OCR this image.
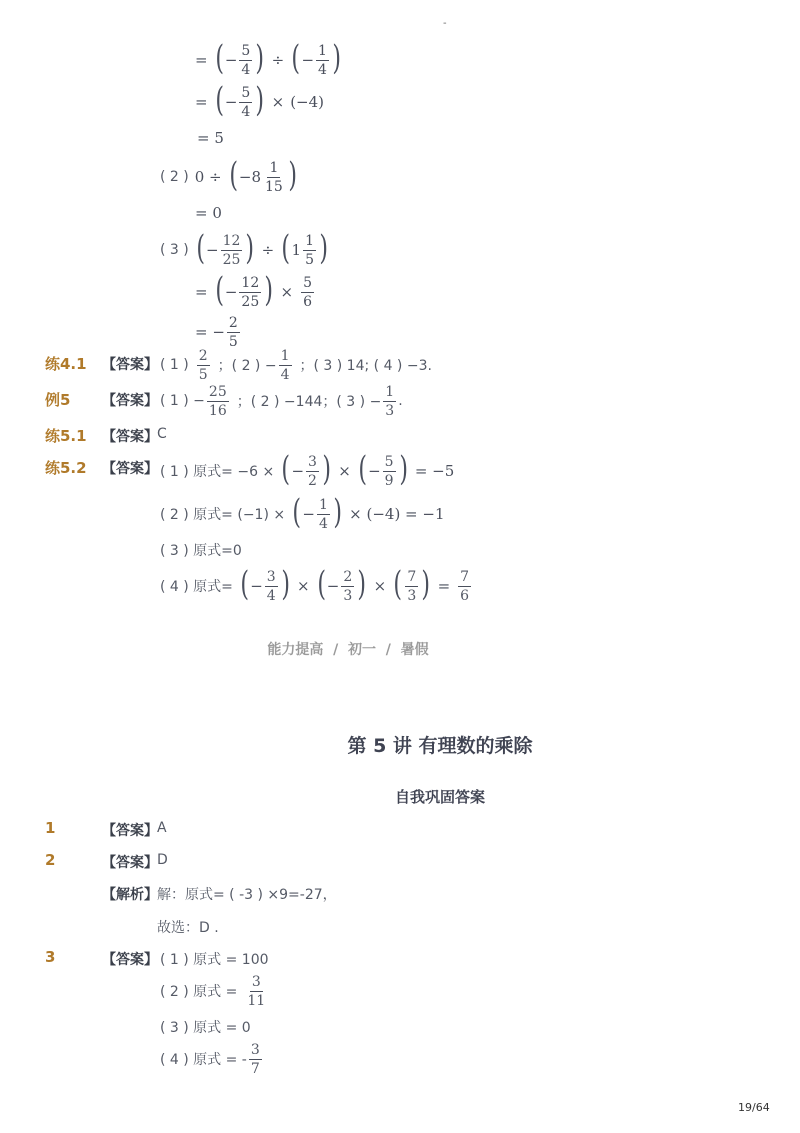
-
= ( − $\frac{5}{4}$ ) ÷ ( − $\frac{1}{4}$ )
= ( − $\frac{5}{4}$ ) × (−4)
= 5
( 2 ) 0 ÷ ( $-8 \frac{1}{15}$ )
= 0
( 3 ) ( − $\frac{12}{25}$ ) ÷ ( $1 \frac{1}{5}$ )
= ( − $\frac{12}{25}$ ) × $\frac{5}{6}$
= − $\frac{2}{5}$
练4.1 【答案】 ( 1 ) $\frac{2}{5}$ ；( 2 ) − $\frac{1}{4}$ ；( 3 ) 14; ( 4 ) −3.
例5 【答案】 ( 1 ) − $\frac{25}{16}$ ；( 2 ) −144；( 3 ) − $\frac{1}{3}$ .
练5.1 【答案】 C
练5.2 【答案】 ( 1 ) 原式= −6 × ( − $\frac{3}{2}$ ) × ( − $\frac{5}{9}$ ) = −5
( 2 ) 原式= (−1) × ( − $\frac{1}{4}$ ) × (−4) = −1
( 3 ) 原式=0
( 4 ) 原式= ( − $\frac{3}{4}$ ) × ( − $\frac{2}{3}$ ) × ( $\frac{7}{3}$ ) = $\frac{7}{6}$
能力提高  /  初一  /  暑假
第 5 讲 有理数的乘除
自我巩固答案
1	【答案】 A
2	【答案】 D
【解析】 解：原式= ( -3 ) ×9=-27，
故选：D .
3	【答案】 ( 1 ) 原式 = 100
( 2 ) 原式 = $\frac{3}{11}$
( 3 ) 原式 = 0
( 4 ) 原式 = - $\frac{3}{7}$
19/64
